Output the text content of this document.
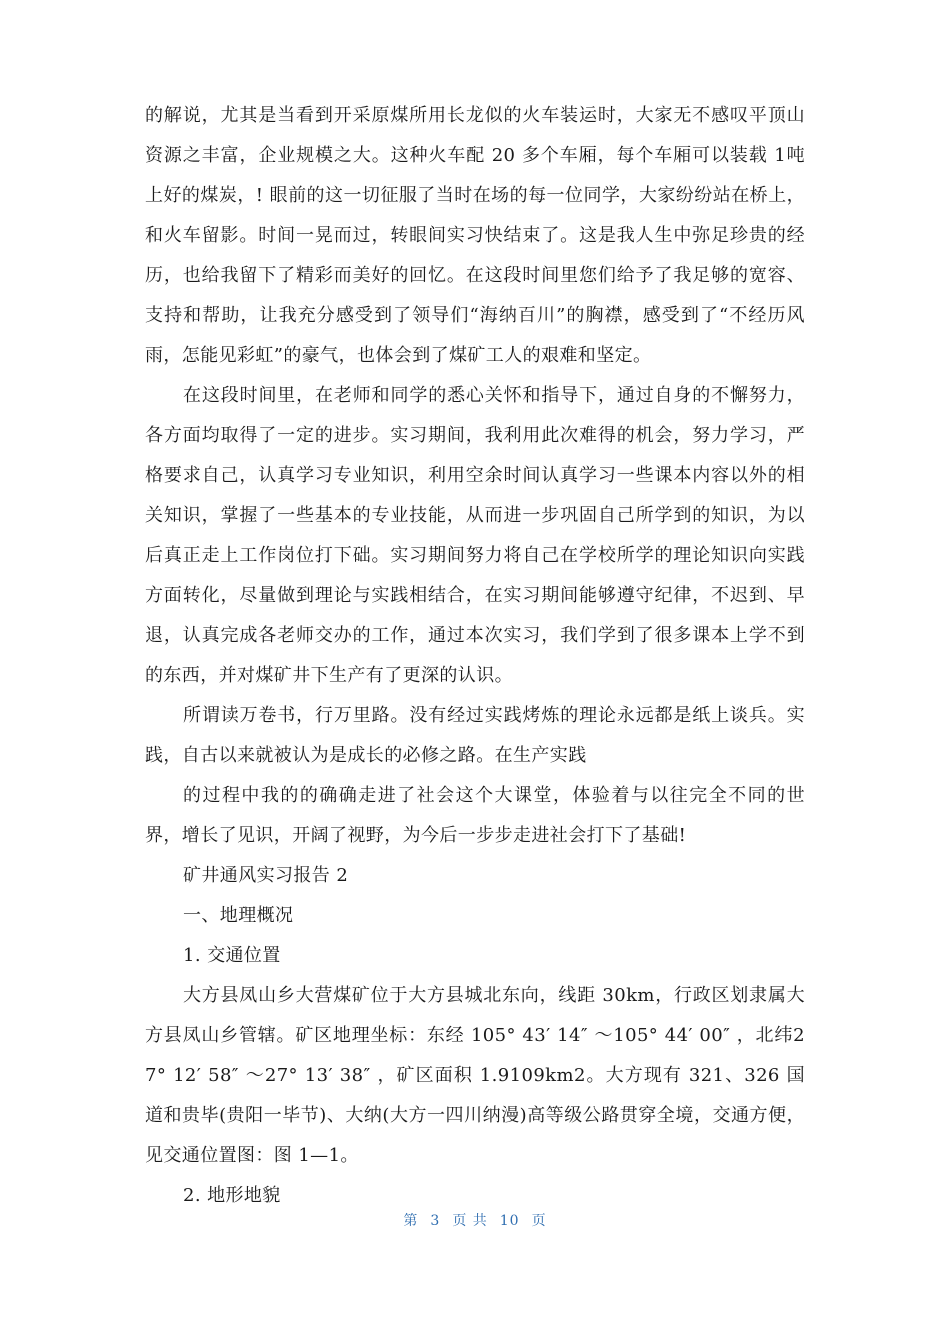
的解说，尤其是当看到开采原煤所用长龙似的火车装运时，大家无不感叹平顶山资源之丰富，企业规模之大。这种火车配 20 多个车厢，每个车厢可以装载 1吨上好的煤炭，! 眼前的这一切征服了当时在场的每一位同学，大家纷纷站在桥上，和火车留影。时间一晃而过，转眼间实习快结束了。这是我人生中弥足珍贵的经历，也给我留下了精彩而美好的回忆。在这段时间里您们给予了我足够的宽容、支持和帮助，让我充分感受到了领导们“海纳百川”的胸襟，感受到了“不经历风雨，怎能见彩虹”的豪气，也体会到了煤矿工人的艰难和坚定。

在这段时间里，在老师和同学的悉心关怀和指导下，通过自身的不懈努力，各方面均取得了一定的进步。实习期间，我利用此次难得的机会，努力学习，严格要求自己，认真学习专业知识，利用空余时间认真学习一些课本内容以外的相关知识，掌握了一些基本的专业技能，从而进一步巩固自己所学到的知识，为以后真正走上工作岗位打下础。实习期间努力将自己在学校所学的理论知识向实践方面转化，尽量做到理论与实践相结合，在实习期间能够遵守纪律，不迟到、早退，认真完成各老师交办的工作，通过本次实习，我们学到了很多课本上学不到的东西，并对煤矿井下生产有了更深的认识。

所谓读万卷书，行万里路。没有经过实践烤炼的理论永远都是纸上谈兵。实践，自古以来就被认为是成长的必修之路。在生产实践

的过程中我的的确确走进了社会这个大课堂，体验着与以往完全不同的世界，增长了见识，开阔了视野，为今后一步步走进社会打下了基础!

矿井通风实习报告 2

一、地理概况

1. 交通位置

大方县凤山乡大营煤矿位于大方县城北东向，线距 30km，行政区划隶属大方县凤山乡管辖。矿区地理坐标：东经 105° 43′ 14″ ～105° 44′ 00″ ，北纬27° 12′ 58″ ～27° 13′ 38″ ，矿区面积 1.9109km2。大方现有 321、326 国道和贵毕(贵阳一毕节)、大纳(大方一四川纳漫)高等级公路贯穿全境，交通方便，见交通位置图：图 1—1。

2. 地形地貌

第 3 页 共 10 页
